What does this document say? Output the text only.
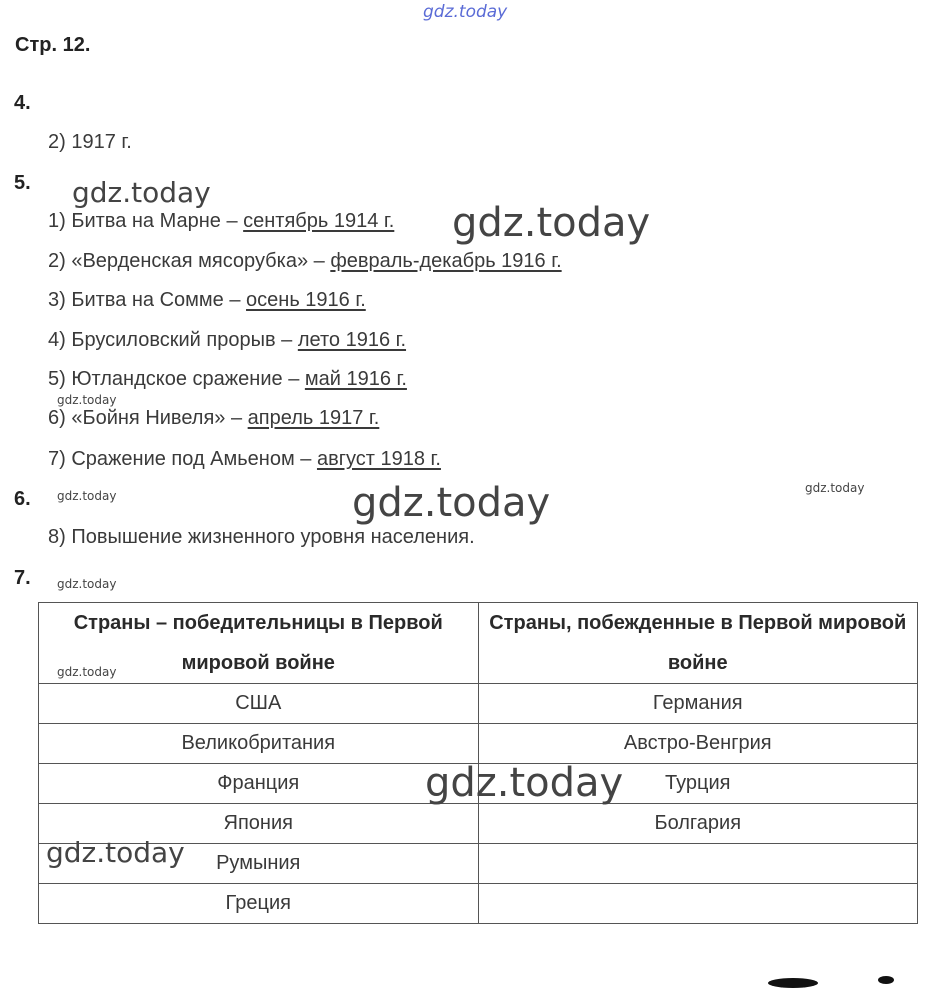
gdz.today
gdz.today
gdz.today
gdz.today
gdz.today
gdz.today
gdz.today
gdz.today
Стр. 12.
4.
2) 1917 г.
5.
1) Битва на Марне – сентябрь 1914 г.
2) «Верденская мясорубка» – февраль-декабрь 1916 г.
3) Битва на Сомме – осень 1916 г.
4) Брусиловский прорыв – лето 1916 г.
5) Ютландское сражение – май 1916 г.
6) «Бойня Нивеля» – апрель 1917 г.
7) Сражение под Амьеном – август 1918 г.
6.
8) Повышение жизненного уровня населения.
7.
Страны – победительницы в Первой мировой войне	Страны, побежденные в Первой мировой войне
США	Германия
Великобритания	Австро-Венгрия
Франция	Турция
Япония	Болгария
Румыния	
Греция	
gdz.today
gdz.today
gdz.today
